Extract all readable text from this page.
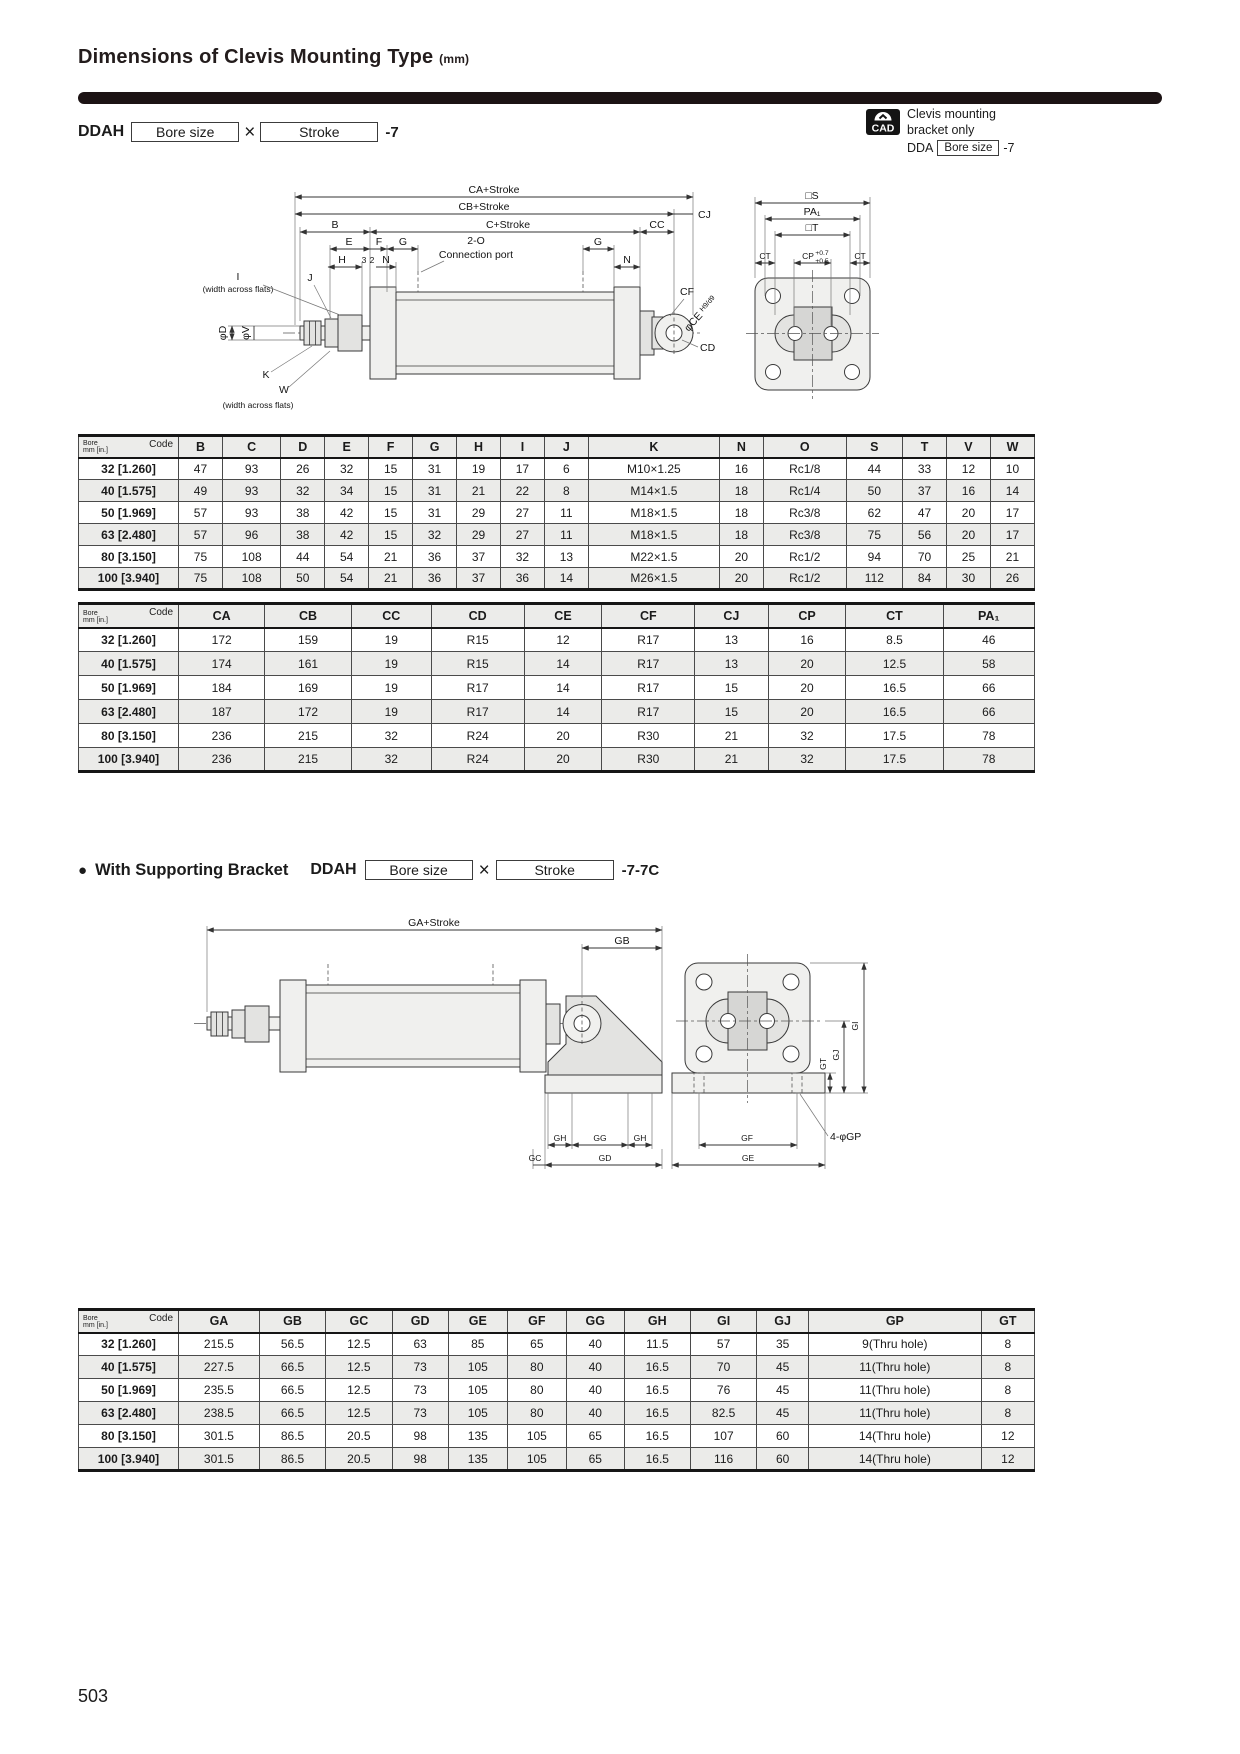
Dimensions of Clevis Mounting Type (mm)
DDAH	Bore size	×	Stroke	-7	CAD
Clevis mounting
bracket only
DDA Bore size -7
CA+Stroke
CB+Stroke
CJ
B	C+Stroke	CC
E F G	G
H 3 2 N	N
2-O
Connection port
I
(width across flats)
J
φD φV
K
W
(width across flats)
CF
φCE $^{H9/d9}$
CD
□S
PA₁
□T
CT	CP +0.7
+0.5
CT
Code
Bore
mm [in.]	B	C	D	E	F	G	H	I	J	K	N	O	S	T	V	W
32 [1.260]	47	93	26	32	15	31	19	17	6	M10×1.25	16	Rc1/8	44	33	12	10
40 [1.575]	49	93	32	34	15	31	21	22	8	M14×1.5	18	Rc1/4	50	37	16	14
50 [1.969]	57	93	38	42	15	31	29	27	11	M18×1.5	18	Rc3/8	62	47	20	17
63 [2.480]	57	96	38	42	15	32	29	27	11	M18×1.5	18	Rc3/8	75	56	20	17
80 [3.150]	75	108	44	54	21	36	37	32	13	M22×1.5	20	Rc1/2	94	70	25	21
100 [3.940]	75	108	50	54	21	36	37	36	14	M26×1.5	20	Rc1/2	112	84	30	26
Code
Bore
mm [in.]	CA	CB	CC	CD	CE	CF	CJ	CP	CT	PA₁
32 [1.260]	172	159	19	R15	12	R17	13	16	8.5	46
40 [1.575]	174	161	19	R15	14	R17	13	20	12.5	58
50 [1.969]	184	169	19	R17	14	R17	15	20	16.5	66
63 [2.480]	187	172	19	R17	14	R17	15	20	16.5	66
80 [3.150]	236	215	32	R24	20	R30	21	32	17.5	78
100 [3.940]	236	215	32	R24	20	R30	21	32	17.5	78
● With Supporting Bracket DDAH	Bore size	×	Stroke	-7-7C
GA+Stroke
GB
GH	GG	GH
GC	GD
GF
GE
4-φGP
GI
GJ
GT
Code
Bore
mm [in.]	GA	GB	GC	GD	GE	GF	GG	GH	GI	GJ	GP	GT
32 [1.260]	215.5	56.5	12.5	63	85	65	40	11.5	57	35	9(Thru hole)	8
40 [1.575]	227.5	66.5	12.5	73	105	80	40	16.5	70	45	11(Thru hole)	8
50 [1.969]	235.5	66.5	12.5	73	105	80	40	16.5	76	45	11(Thru hole)	8
63 [2.480]	238.5	66.5	12.5	73	105	80	40	16.5	82.5	45	11(Thru hole)	8
80 [3.150]	301.5	86.5	20.5	98	135	105	65	16.5	107	60	14(Thru hole)	12
100 [3.940]	301.5	86.5	20.5	98	135	105	65	16.5	116	60	14(Thru hole)	12
503
